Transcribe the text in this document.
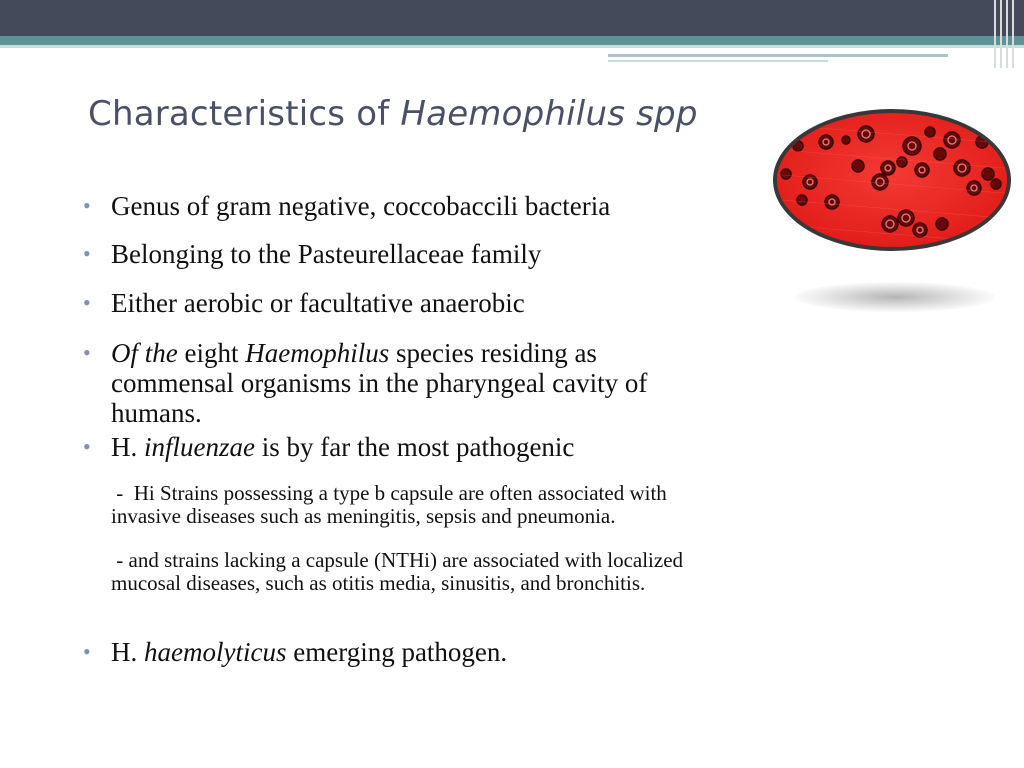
Characteristics of Haemophilus spp
• Genus of gram negative, coccobaccili bacteria
• Belonging to the Pasteurellaceae family
• Either aerobic or facultative anaerobic
• Of the eight Haemophilus species residing as
commensal organisms in the pharyngeal cavity of
humans.
• H. influenzae is by far the most pathogenic
-  Hi Strains possessing a type b capsule are often associated with
invasive diseases such as meningitis, sepsis and pneumonia.
- and strains lacking a capsule (NTHi) are associated with localized
mucosal diseases, such as otitis media, sinusitis, and bronchitis.
• H. haemolyticus emerging pathogen.
